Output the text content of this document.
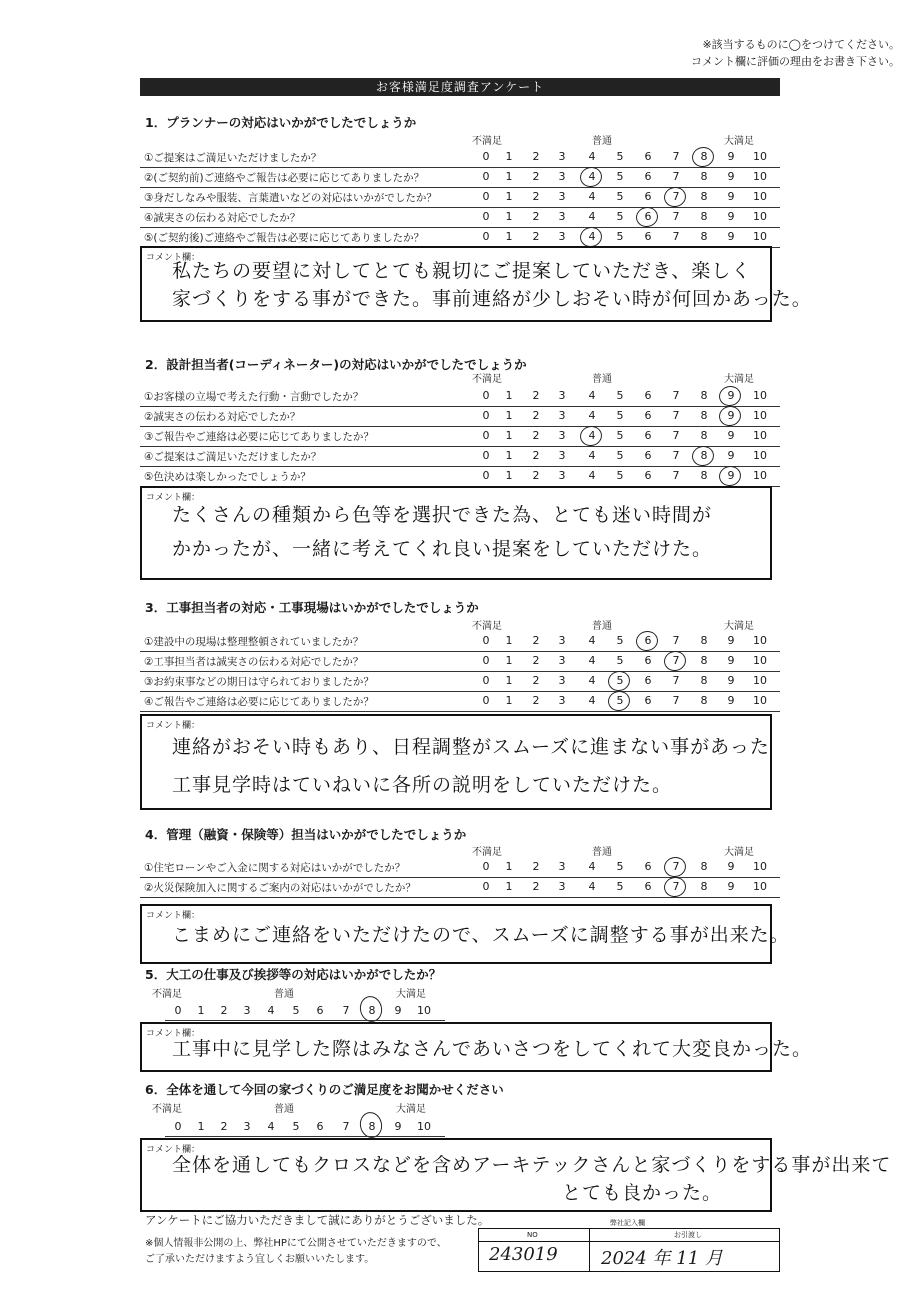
※該当するものに◯をつけてください。
コメント欄に評価の理由をお書き下さい。
お客様満足度調査アンケート
1．プランナーの対応はいかがでしたでしょうか
不満足	普通	大満足
①ご提案はご満足いただけましたか？	0	1	2	3	4	5	6	7	8	9	10
②(ご契約前)ご連絡やご報告は必要に応じてありましたか？	0	1	2	3	4	5	6	7	8	9	10
③身だしなみや服装、言葉遣いなどの対応はいかがでしたか？	0	1	2	3	4	5	6	7	8	9	10
④誠実さの伝わる対応でしたか？	0	1	2	3	4	5	6	7	8	9	10
⑤(ご契約後)ご連絡やご報告は必要に応じてありましたか？	0	1	2	3	4	5	6	7	8	9	10
コメント欄：
私たちの要望に対してとても親切にご提案していただき、楽しく
家づくりをする事ができた。事前連絡が少しおそい時が何回かあった。
2．設計担当者(コーディネーター)の対応はいかがでしたでしょうか
不満足	普通	大満足
①お客様の立場で考えた行動・言動でしたか？	0	1	2	3	4	5	6	7	8	9	10
②誠実さの伝わる対応でしたか？	0	1	2	3	4	5	6	7	8	9	10
③ご報告やご連絡は必要に応じてありましたか？	0	1	2	3	4	5	6	7	8	9	10
④ご提案はご満足いただけましたか？	0	1	2	3	4	5	6	7	8	9	10
⑤色決めは楽しかったでしょうか？	0	1	2	3	4	5	6	7	8	9	10
コメント欄：
たくさんの種類から色等を選択できた為、とても迷い時間が
かかったが、一緒に考えてくれ良い提案をしていただけた。
3．工事担当者の対応・工事現場はいかがでしたでしょうか
不満足	普通	大満足
①建設中の現場は整理整頓されていましたか？	0	1	2	3	4	5	6	7	8	9	10
②工事担当者は誠実さの伝わる対応でしたか？	0	1	2	3	4	5	6	7	8	9	10
③お約束事などの期日は守られておりましたか？	0	1	2	3	4	5	6	7	8	9	10
④ご報告やご連絡は必要に応じてありましたか？	0	1	2	3	4	5	6	7	8	9	10
コメント欄：
連絡がおそい時もあり、日程調整がスムーズに進まない事があった
工事見学時はていねいに各所の説明をしていただけた。
4．管理（融資・保険等）担当はいかがでしたでしょうか
不満足	普通	大満足
①住宅ローンやご入金に関する対応はいかがでしたか？	0	1	2	3	4	5	6	7	8	9	10
②火災保険加入に関するご案内の対応はいかがでしたか？	0	1	2	3	4	5	6	7	8	9	10
コメント欄：
こまめにご連絡をいただけたので、スムーズに調整する事が出来た。
5．大工の仕事及び挨拶等の対応はいかがでしたか？
不満足	普通	大満足
0	1	2	3	4	5	6	7	8	9	10
コメント欄：
工事中に見学した際はみなさんであいさつをしてくれて大変良かった。
6．全体を通して今回の家づくりのご満足度をお聞かせください
不満足	普通	大満足
0	1	2	3	4	5	6	7	8	9	10
コメント欄：
全体を通してもクロスなどを含めアーキテックさんと家づくりをする事が出来て
とても良かった。
アンケートにご協力いただきまして誠にありがとうございました。
※個人情報非公開の上、弊社HPにて公開させていただきますので、
ご了承いただけますよう宜しくお願いいたします。
弊社記入欄
NO	お引渡し
243019 2024 年 11 月
